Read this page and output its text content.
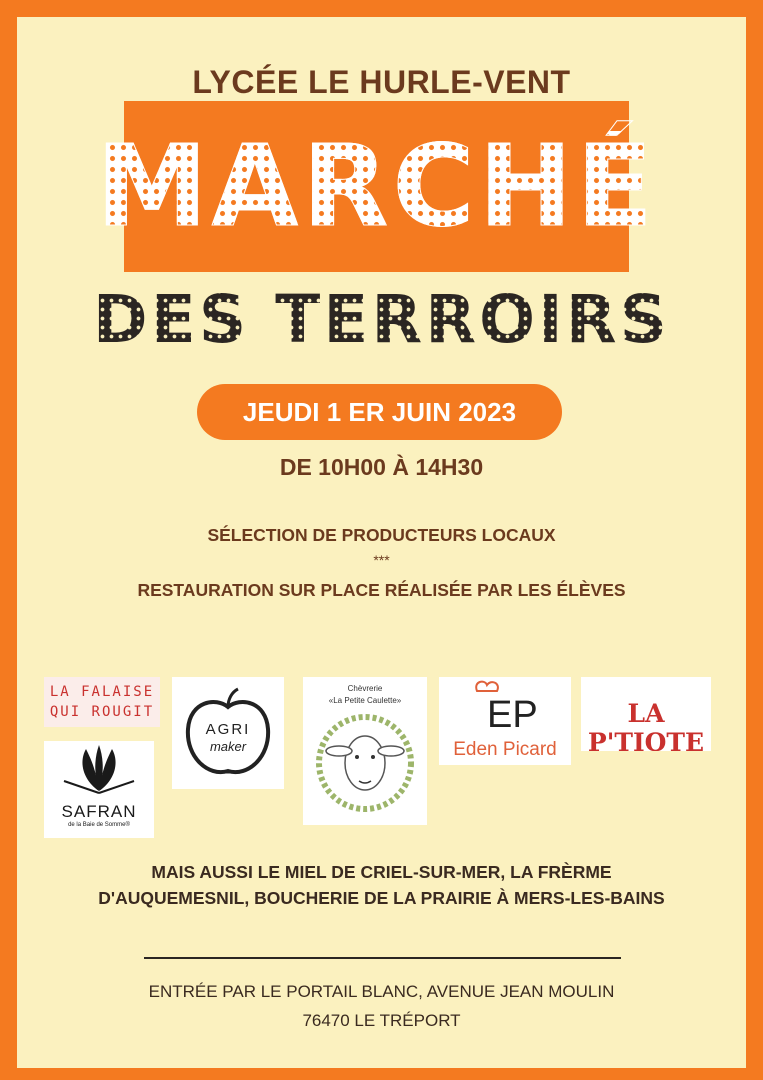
LYCÉE LE HURLE-VENT
MARCHÉ
DES TERROIRS
JEUDI 1 ER JUIN 2023
DE 10H00 À 14H30
SÉLECTION DE PRODUCTEURS LOCAUX
***
RESTAURATION SUR PLACE RÉALISÉE PAR LES ÉLÈVES
LA FALAISE
QUI ROUGIT
AGRI
maker
Chèvrerie
«La Petite Caulette»	EP
Eden Picard
LA P'TIOTE
SAFRAN
de la Baie de Somme®
MAIS AUSSI LE MIEL DE CRIEL-SUR-MER, LA FRÈRME
D'AUQUEMESNIL, BOUCHERIE DE LA PRAIRIE À MERS-LES-BAINS
ENTRÉE PAR LE PORTAIL BLANC, AVENUE JEAN MOULIN
76470 LE TRÉPORT
